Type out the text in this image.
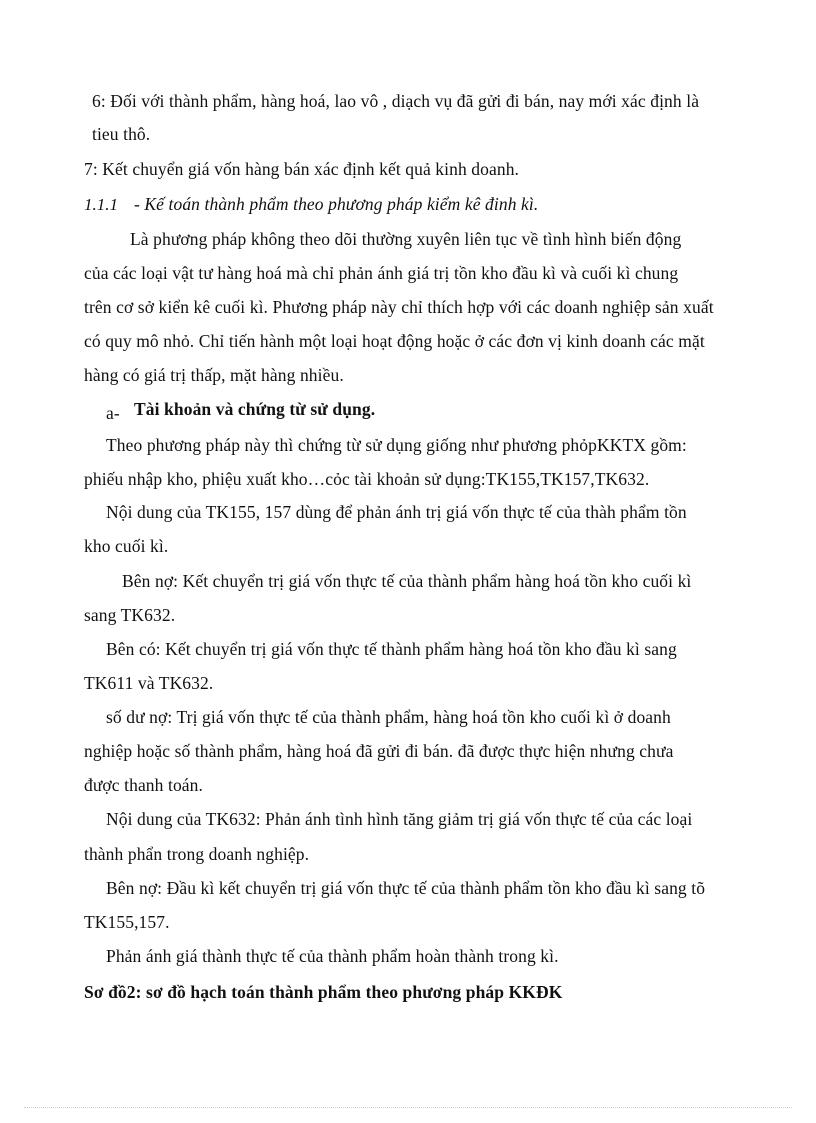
6: Đối với thành phẩm, hàng hoá, lao vô , diạch vụ đã gửi đi bán, nay mới xác định là
tieu thô.
7: Kết chuyển giá vốn hàng bán xác định kết quả kinh doanh.
1.1.1 - Kế toán thành phẩm theo phương pháp kiểm kê đinh kì.
Là phương pháp không theo dõi thường xuyên liên tục về tình hình biến động
của các loại vật tư hàng hoá mà chỉ phản ánh giá trị tồn kho đầu kì và cuối kì chung
trên cơ sở kiển kê cuối kì. Phương pháp này chỉ thích hợp với các doanh nghiệp sản xuất
có quy mô nhỏ. Chỉ tiến hành một loại hoạt động hoặc ở các đơn vị kinh doanh các mặt
hàng có giá trị thấp, mặt hàng nhiều.
a- Tài khoản và chứng từ sử dụng.
Theo phương pháp này thì chứng từ sử dụng giống như phương phỏpKKTX gồm:
phiếu nhập kho, phiệu xuất kho…cỏc tài khoản sử dụng:TK155,TK157,TK632.
Nội dung của TK155, 157 dùng để phản ánh trị giá vốn thực tế của thàh phẩm tồn
kho cuối kì.
Bên nợ: Kết chuyển trị giá vốn thực tế của thành phẩm hàng hoá tồn kho cuối kì
sang TK632.
Bên có: Kết chuyển trị giá vốn thực tế thành phẩm hàng hoá tồn kho đầu kì sang
TK611 và TK632.
số dư nợ: Trị giá vốn thực tế của thành phẩm, hàng hoá tồn kho cuối kì ở doanh
nghiệp hoặc số thành phẩm, hàng hoá đã gửi đi bán. đã được thực hiện nhưng chưa
được thanh toán.
Nội dung của TK632: Phản ánh tình hình tăng giảm trị giá vốn thực tế của các loại
thành phẩn trong doanh nghiệp.
Bên nợ: Đầu kì kết chuyển trị giá vốn thực tế của thành phẩm tồn kho đầu kì sang tõ
TK155,157.
Phản ánh giá thành thực tế của thành phẩm hoàn thành trong kì.
Sơ đồ2: sơ đồ hạch toán thành phẩm theo phương pháp KKĐK
